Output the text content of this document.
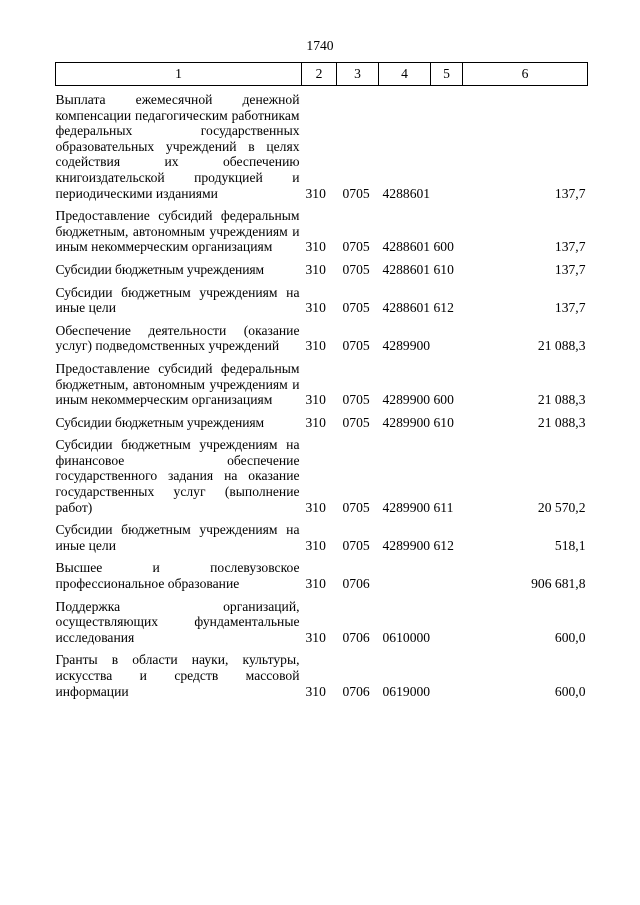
1740
1	2	3	4	5	6
Выплата ежемесячной денежной компенсации педагогическим работникам федеральных государственных образовательных учреждений в целях содействия их обеспечению книгоиздательской продукцией и периодическими изданиями	310	0705	4288601		137,7
Предоставление субсидий федеральным бюджетным, автономным учреждениям и иным некоммерческим организациям	310	0705	4288601	600	137,7
Субсидии бюджетным учреждениям	310	0705	4288601	610	137,7
Субсидии бюджетным учреждениям на иные цели	310	0705	4288601	612	137,7
Обеспечение деятельности (оказание услуг) подведомственных учреждений	310	0705	4289900		21 088,3
Предоставление субсидий федеральным бюджетным, автономным учреждениям и иным некоммерческим организациям	310	0705	4289900	600	21 088,3
Субсидии бюджетным учреждениям	310	0705	4289900	610	21 088,3
Субсидии бюджетным учреждениям на финансовое обеспечение государственного задания на оказание государственных услуг (выполнение работ)	310	0705	4289900	611	20 570,2
Субсидии бюджетным учреждениям на иные цели	310	0705	4289900	612	518,1
Высшее и послевузовское профессиональное образование	310	0706			906 681,8
Поддержка организаций, осуществляющих фундаментальные исследования	310	0706	0610000		600,0
Гранты в области науки, культуры, искусства и средств массовой информации	310	0706	0619000		600,0
